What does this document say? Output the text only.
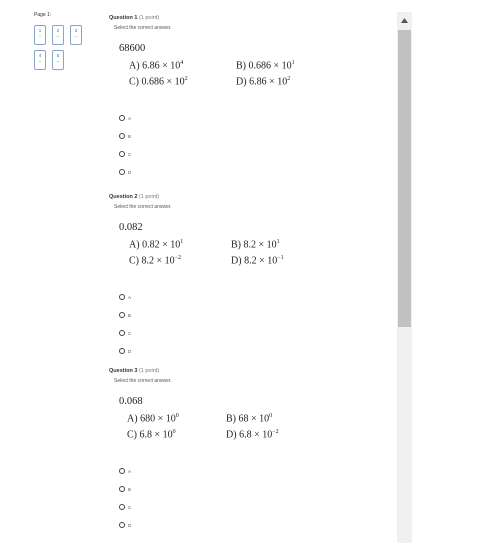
Page 1:
1
--
2
--
3
--
4
--
5
--
Question 1 (1 point)
Select the correct answer.
68600
A) $6.86 \times 10^4$	B) $0.686 \times 10^1$
C) $0.686 \times 10^2$	D) $6.86 \times 10^2$
A
B
C
D
Question 2 (1 point)
Select the correct answer.
0.082
A) $0.82 \times 10^1$	B) $8.2 \times 10^1$
C) $8.2 \times 10^{-2}$	D) $8.2 \times 10^{-1}$
A
B
C
D
Question 3 (1 point)
Select the correct answer.
0.068
A) $680 \times 10^0$	B) $68 \times 10^0$
C) $6.8 \times 10^0$	D) $6.8 \times 10^{-2}$
A
B
C
D
